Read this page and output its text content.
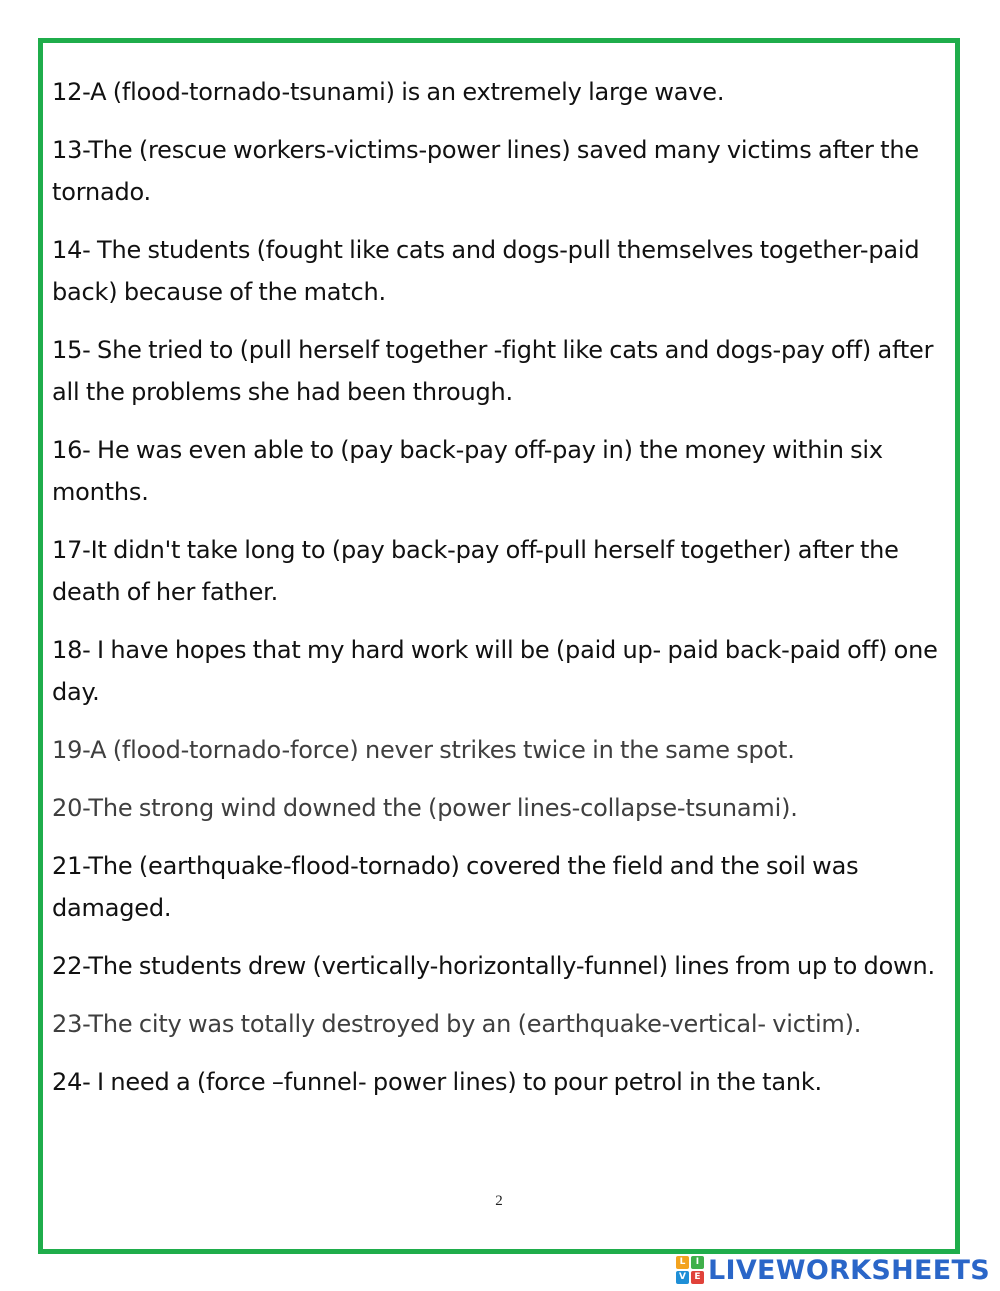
12-A (flood-tornado-tsunami) is an extremely large wave.
13-The (rescue workers-victims-power lines) saved many victims after the tornado.
14- The students (fought like cats and dogs-pull themselves together-paid back) because of the match.
15- She tried to (pull herself together -fight like cats and dogs-pay off) after all the problems she had been through.
16- He was even able to (pay back-pay off-pay in) the money within six months.
17-It didn't take long to (pay back-pay off-pull herself together) after the death of her father.
18- I have hopes that my hard work will be (paid up- paid back-paid off) one day.
19-A (flood-tornado-force) never strikes twice in the same spot.
20-The strong wind downed the (power lines-collapse-tsunami).
21-The (earthquake-flood-tornado) covered the field and the soil was damaged.
22-The students drew (vertically-horizontally-funnel) lines from up to down.
23-The city was totally destroyed by an (earthquake-vertical- victim).
24- I need a (force –funnel- power lines) to pour petrol in the tank.
2
L	I
V E LIVEWORKSHEETS
